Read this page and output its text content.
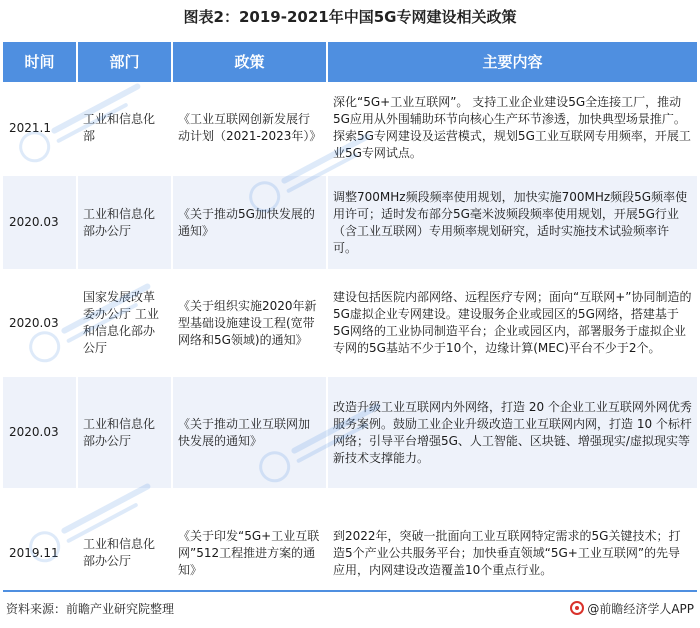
图表2：2019-2021年中国5G专网建设相关政策
时间	部门	政策	主要内容
2021.1	工业和信息化部	《工业互联网创新发展行动计划（2021-2023年）》	深化“5G+工业互联网”。 支持工业企业建设5G全连接工厂，推动5G应用从外围辅助环节向核心生产环节渗透，加快典型场景推广。探索5G专网建设及运营模式，规划5G工业互联网专用频率，开展工业5G专网试点。
2020.03	工业和信息化部办公厅	《关于推动5G加快发展的通知》	调整700MHz频段频率使用规划，加快实施700MHz频段5G频率使用许可；适时发布部分5G毫米波频段频率使用规划，开展5G行业（含工业互联网）专用频率规划研究，适时实施技术试验频率许可。
2020.03	国家发展改革委办公厅 工业和信息化部办公厅	《关于组织实施2020年新型基础设施建设工程(宽带网络和5G领域)的通知》	建设包括医院内部网络、远程医疗专网；面向“互联网+”协同制造的5G虚拟企业专网建设。建设服务企业或园区的5G网络，搭建基于5G网络的工业协同制造平台；企业或园区内，部署服务于虚拟企业专网的5G基站不少于10个，边缘计算(MEC)平台不少于2个。
2020.03	工业和信息化部办公厅	《关于推动工业互联网加快发展的通知》	改造升级工业互联网内外网络，打造 20 个企业工业互联网外网优秀服务案例。鼓励工业企业升级改造工业互联网内网，打造 10 个标杆网络；引导平台增强5G、人工智能、区块链、增强现实/虚拟现实等新技术支撑能力。
2019.11	工业和信息化部办公厅	《关于印发“5G+工业互联网”512工程推进方案的通知》	到2022年，突破一批面向工业互联网特定需求的5G关键技术；打造5个产业公共服务平台；加快垂直领域“5G+工业互联网”的先导应用，内网建设改造覆盖10个重点行业。
资料来源：前瞻产业研究院整理	@前瞻经济学人APP
